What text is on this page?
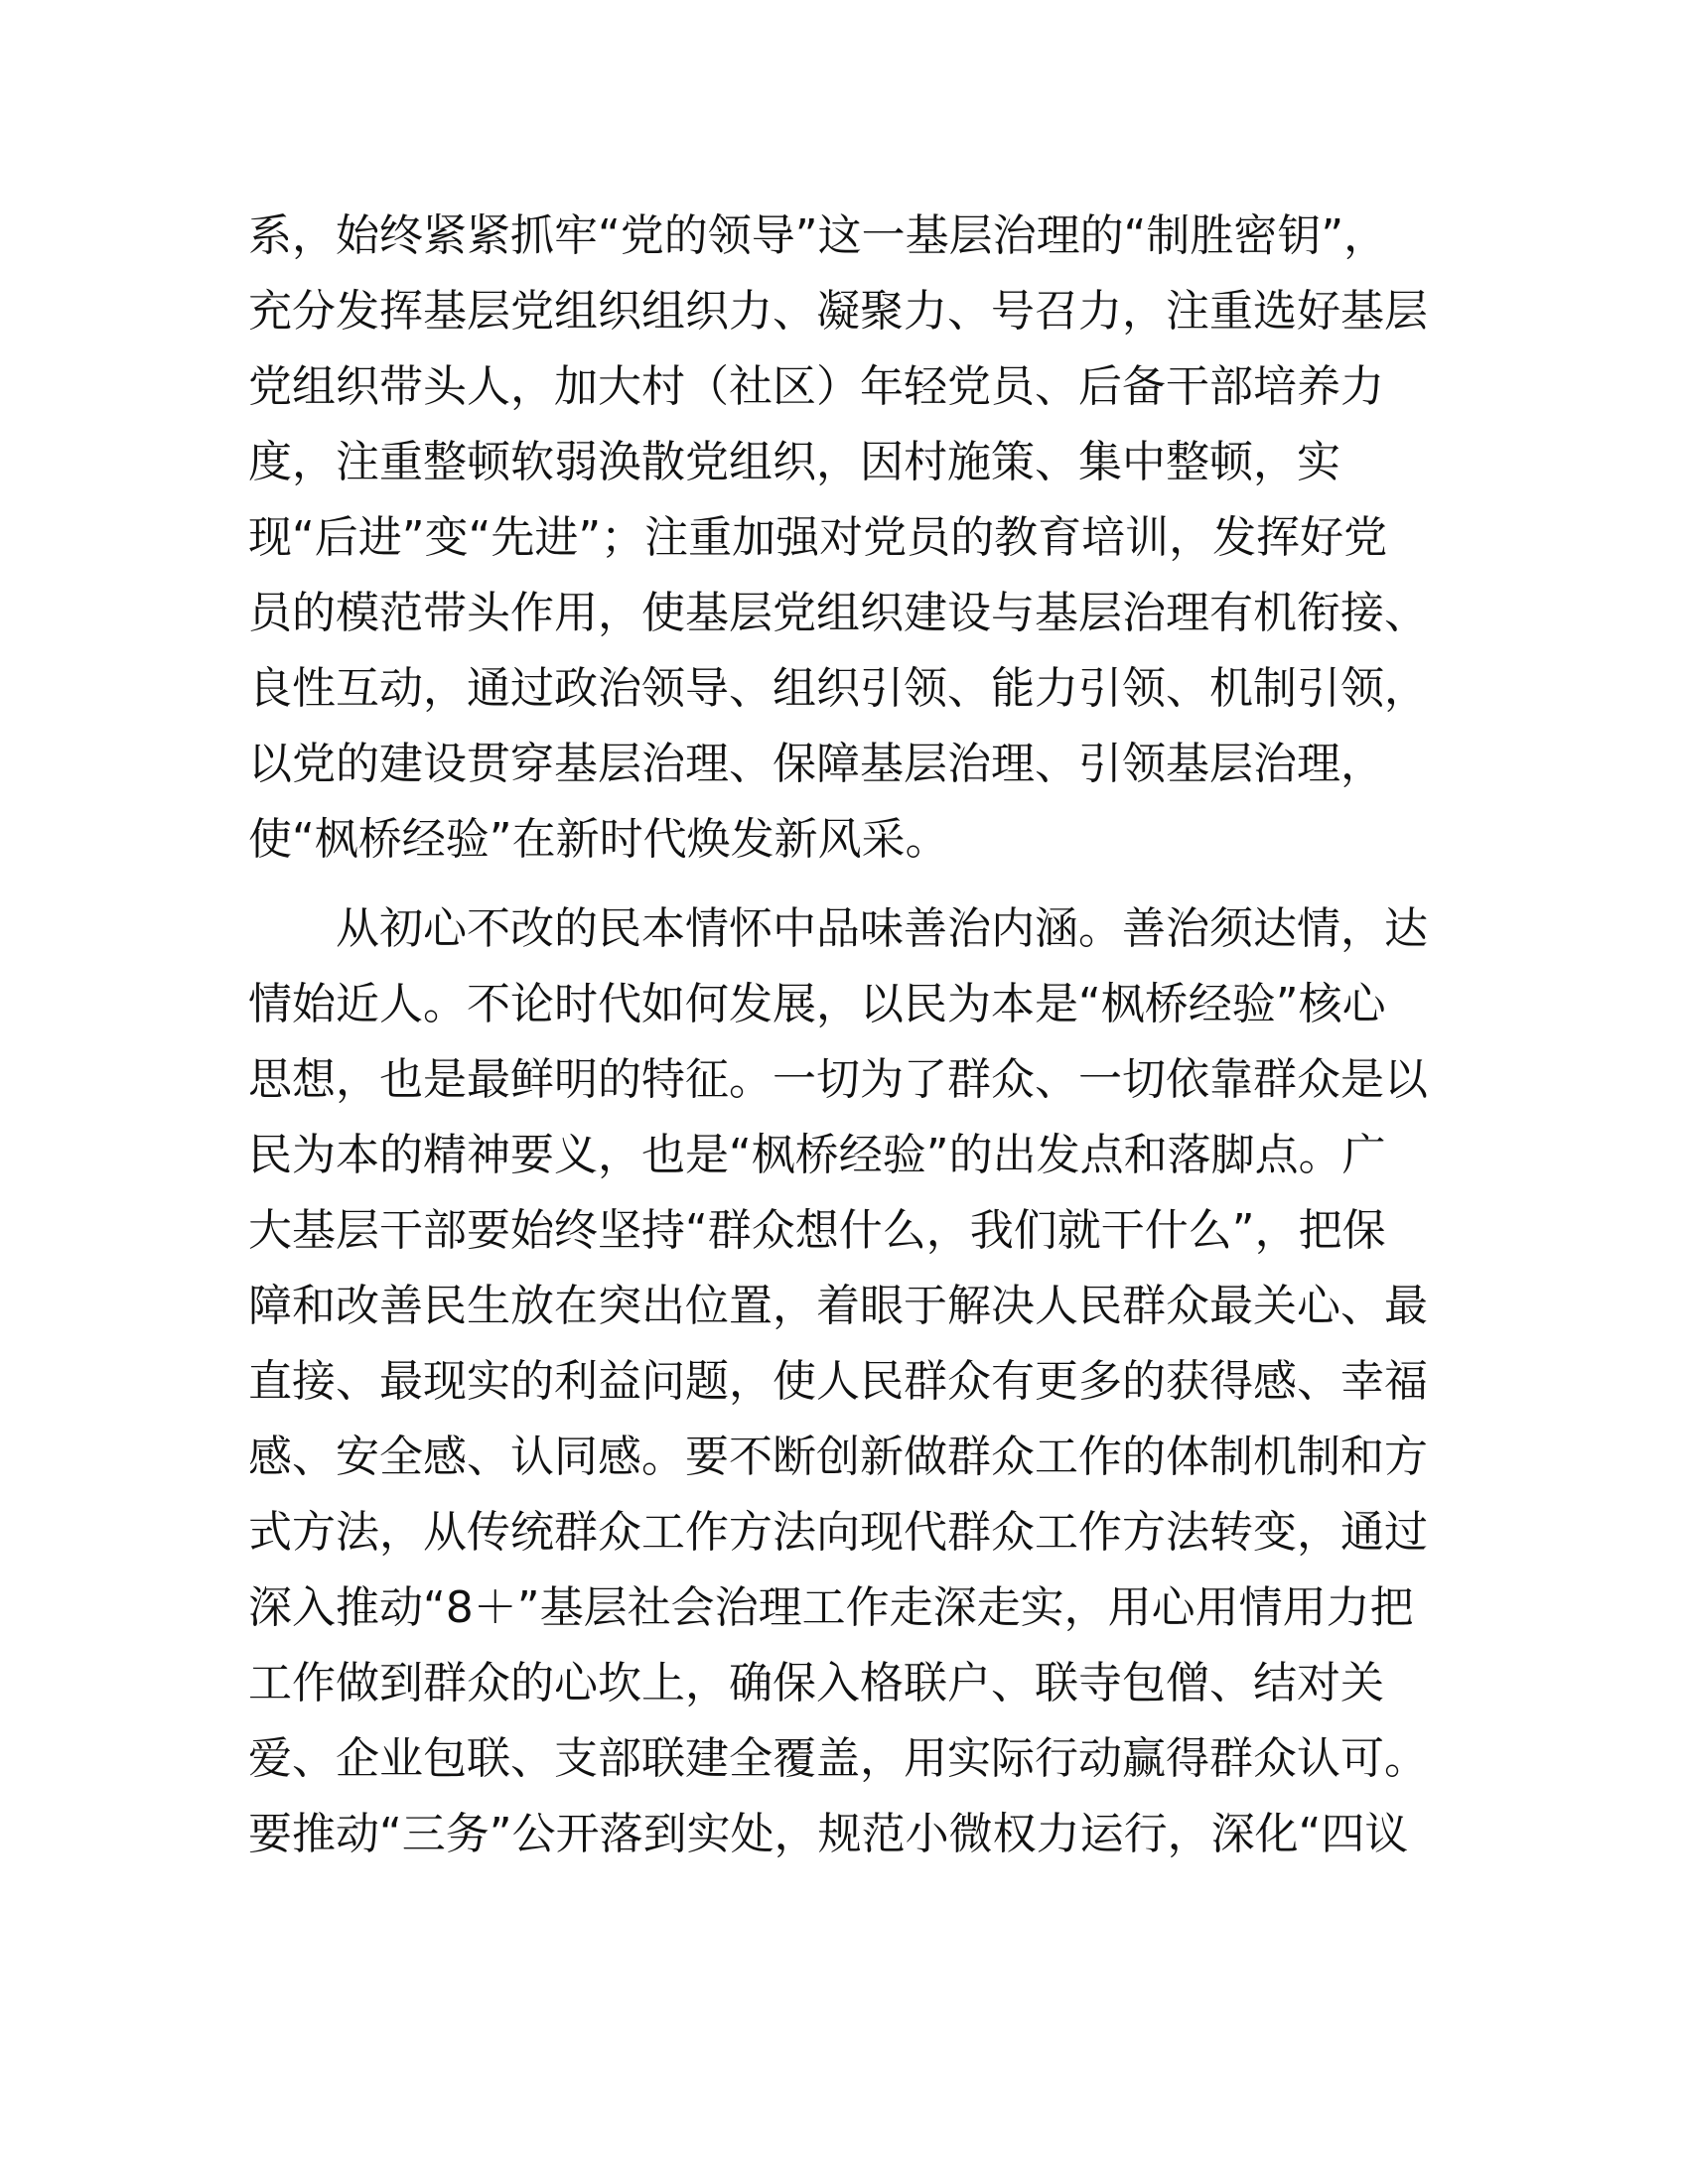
系，始终紧紧抓牢“党的领导”这一基层治理的“制胜密钥”，
充分发挥基层党组织组织力、凝聚力、号召力，注重选好基层
党组织带头人，加大村（社区）年轻党员、后备干部培养力
度，注重整顿软弱涣散党组织，因村施策、集中整顿，实
现“后进”变“先进”；注重加强对党员的教育培训，发挥好党
员的模范带头作用，使基层党组织建设与基层治理有机衔接、
良性互动，通过政治领导、组织引领、能力引领、机制引领，
以党的建设贯穿基层治理、保障基层治理、引领基层治理，
使“枫桥经验”在新时代焕发新风采。
从初心不改的民本情怀中品味善治内涵。善治须达情，达
情始近人。不论时代如何发展，以民为本是“枫桥经验”核心
思想，也是最鲜明的特征。一切为了群众、一切依靠群众是以
民为本的精神要义，也是“枫桥经验”的出发点和落脚点。广
大基层干部要始终坚持“群众想什么，我们就干什么”，把保
障和改善民生放在突出位置，着眼于解决人民群众最关心、最
直接、最现实的利益问题，使人民群众有更多的获得感、幸福
感、安全感、认同感。要不断创新做群众工作的体制机制和方
式方法，从传统群众工作方法向现代群众工作方法转变，通过
深入推动“8＋”基层社会治理工作走深走实，用心用情用力把
工作做到群众的心坎上，确保入格联户、联寺包僧、结对关
爱、企业包联、支部联建全覆盖，用实际行动赢得群众认可。
要推动“三务”公开落到实处，规范小微权力运行，深化“四议
